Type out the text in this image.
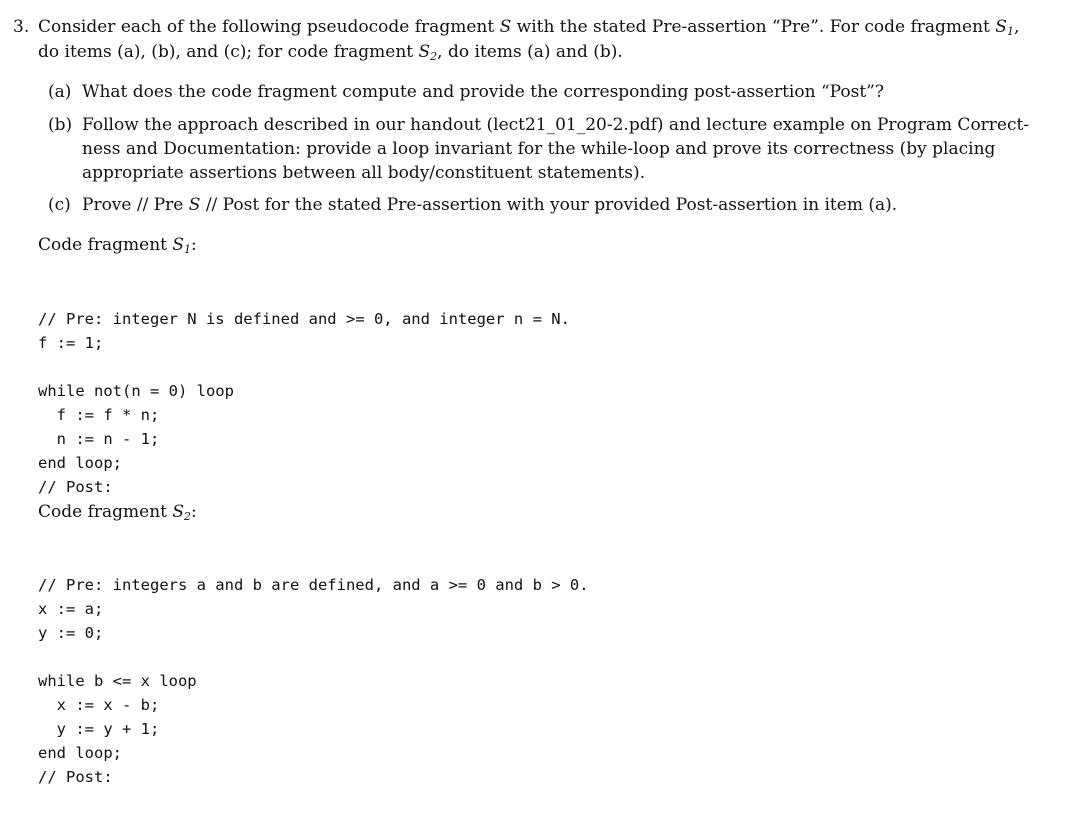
3. Consider each of the following pseudocode fragment S with the stated Pre-assertion “Pre”. For code fragment $S_1$,
do items (a), (b), and (c); for code fragment $S_2$, do items (a) and (b).
(a) What does the code fragment compute and provide the corresponding post-assertion “Post”?
(b) Follow the approach described in our handout (lect21_01_20-2.pdf) and lecture example on Program Correct-
ness and Documentation: provide a loop invariant for the while-loop and prove its correctness (by placing
appropriate assertions between all body/constituent statements).
(c) Prove // Pre S // Post for the stated Pre-assertion with your provided Post-assertion in item (a).
Code fragment $S_1$:

// Pre: integer N is defined and >= 0, and integer n = N.
f := 1;
while not(n = 0) loop
f := f * n;
n := n - 1;
end loop;
// Post:

Code fragment $S_2$:

// Pre: integers a and b are defined, and a >= 0 and b > 0.
x := a;
y := 0;
while b <= x loop
x := x - b;
y := y + 1;
end loop;
// Post:
